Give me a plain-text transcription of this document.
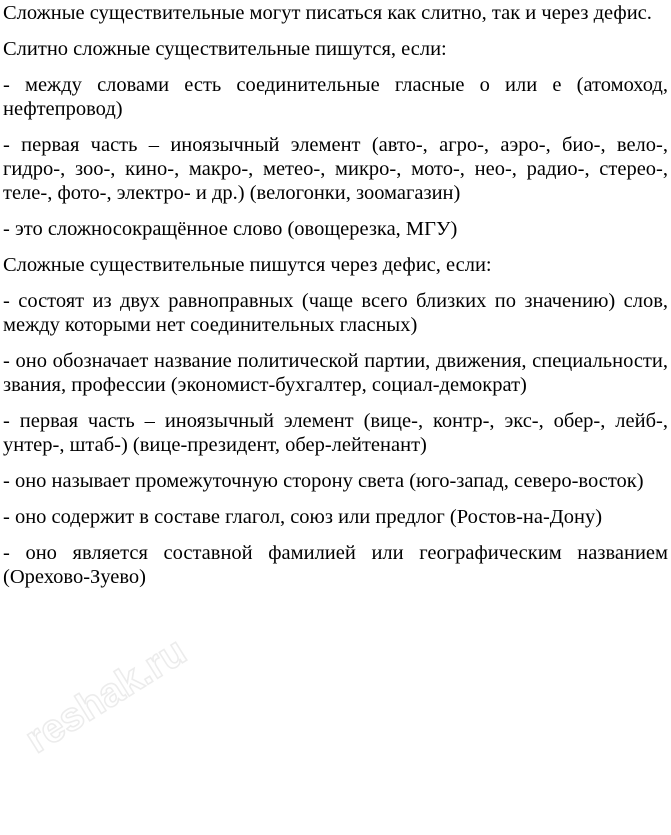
Сложные существительные могут писаться как слитно, так и через дефис.

Слитно сложные существительные пишутся, если:

- между словами есть соединительные гласные о или е (атомоход, нефтепровод)

- первая часть – иноязычный элемент (авто-, агро-, аэро-, био-, вело-, гидро-, зоо-, кино-, макро-, метео-, микро-, мото-, нео-, радио-, стерео-, теле-, фото-, электро- и др.) (велогонки, зоомагазин)

- это сложносокращённое слово (овощерезка, МГУ)

Сложные существительные пишутся через дефис, если:

- состоят из двух равноправных (чаще всего близких по значению) слов, между которыми нет соединительных гласных)

- оно обозначает название политической партии, движения, специальности, звания, профессии (экономист-бухгалтер, социал-демократ)

- первая часть – иноязычный элемент (вице-, контр-, экс-, обер-, лейб-, унтер-, штаб-) (вице-президент, обер-лейтенант)

- оно называет промежуточную сторону света (юго-запад, северо-восток)

- оно содержит в составе глагол, союз или предлог (Ростов-на-Дону)

- оно является составной фамилией или географическим названием (Орехово-Зуево)

reshak.ru
